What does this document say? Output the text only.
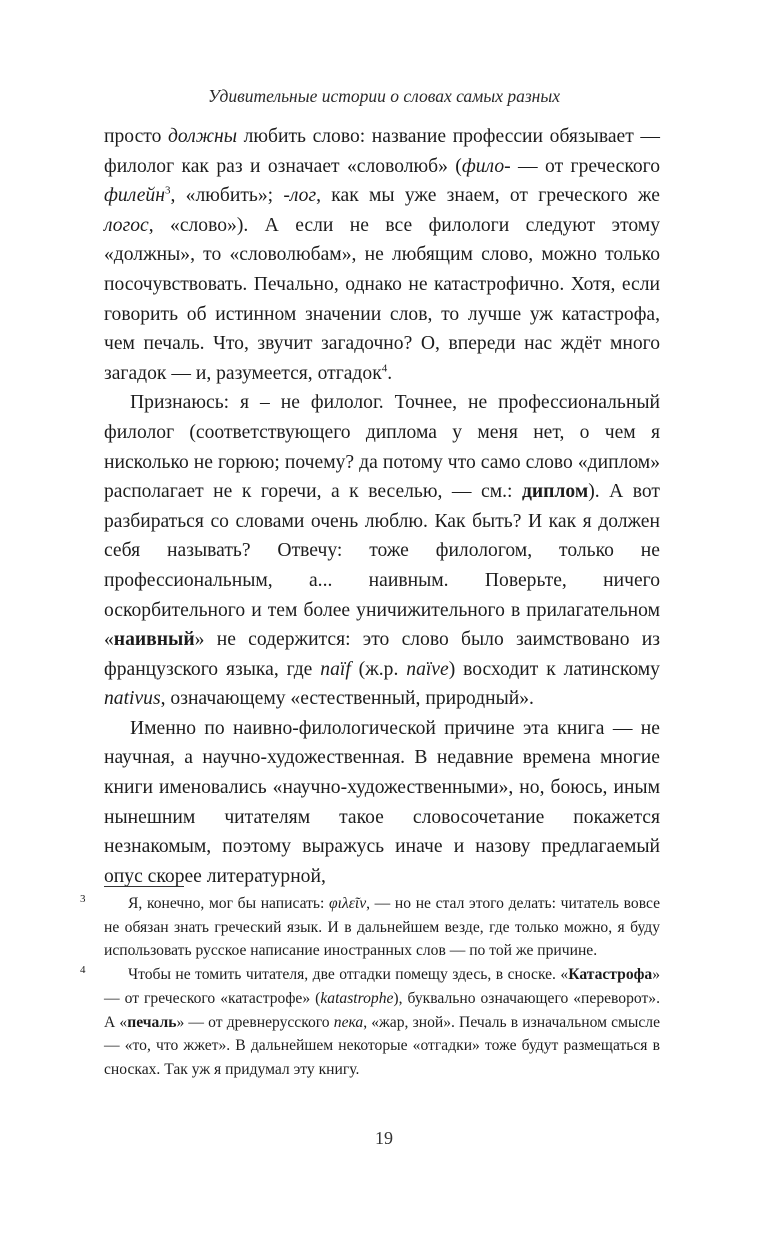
Удивительные истории о словах самых разных

просто должны любить слово: название профессии обязывает — филолог как раз и означает «словолюб» (фило- — от греческого филейн$^3$, «любить»; -лог, как мы уже знаем, от греческого же логос, «слово»). А если не все филологи следуют этому «должны», то «словолюбам», не любящим слово, можно только посочувствовать. Печально, однако не катастрофично. Хотя, если говорить об истинном значении слов, то лучше уж катастрофа, чем печаль. Что, звучит загадочно? О, впереди нас ждёт много загадок — и, разумеется, отгадок$^4$.

Признаюсь: я – не филолог. Точнее, не профессиональный филолог (соответствующего диплома у меня нет, о чем я нисколько не горюю; почему? да потому что само слово «диплом» располагает не к горечи, а к веселью, — см.: диплом). А вот разбираться со словами очень люблю. Как быть? И как я должен себя называть? Отвечу: тоже филологом, только не профессиональным, а... наивным. Поверьте, ничего оскорбительного и тем более уничижительного в прилагательном «наивный» не содержится: это слово было заимствовано из французского языка, где naïf (ж.р. naïve) восходит к латинскому nativus, означающему «естественный, природный».

Именно по наивно-филологической причине эта книга — не научная, а научно-художественная. В недавние времена многие книги именовались «научно-художественными», но, боюсь, иным нынешним читателям такое словосочетание покажется незнакомым, поэтому выражусь иначе и назову предлагаемый опус скорее литературной,

3	Я, конечно, мог бы написать: φιλεῖν, — но не стал этого делать: читатель вовсе не обязан знать греческий язык. И в дальнейшем везде, где только можно, я буду использовать русское написание иностранных слов — по той же причине.

4	Чтобы не томить читателя, две отгадки помещу здесь, в сноске. «Катастрофа» — от греческого «катастрофе» (katastrophe), буквально означающего «переворот». А «печаль» — от древнерусского пека, «жар, зной». Печаль в изначальном смысле — «то, что жжет». В дальнейшем некоторые «отгадки» тоже будут размещаться в сносках. Так уж я придумал эту книгу.

19
